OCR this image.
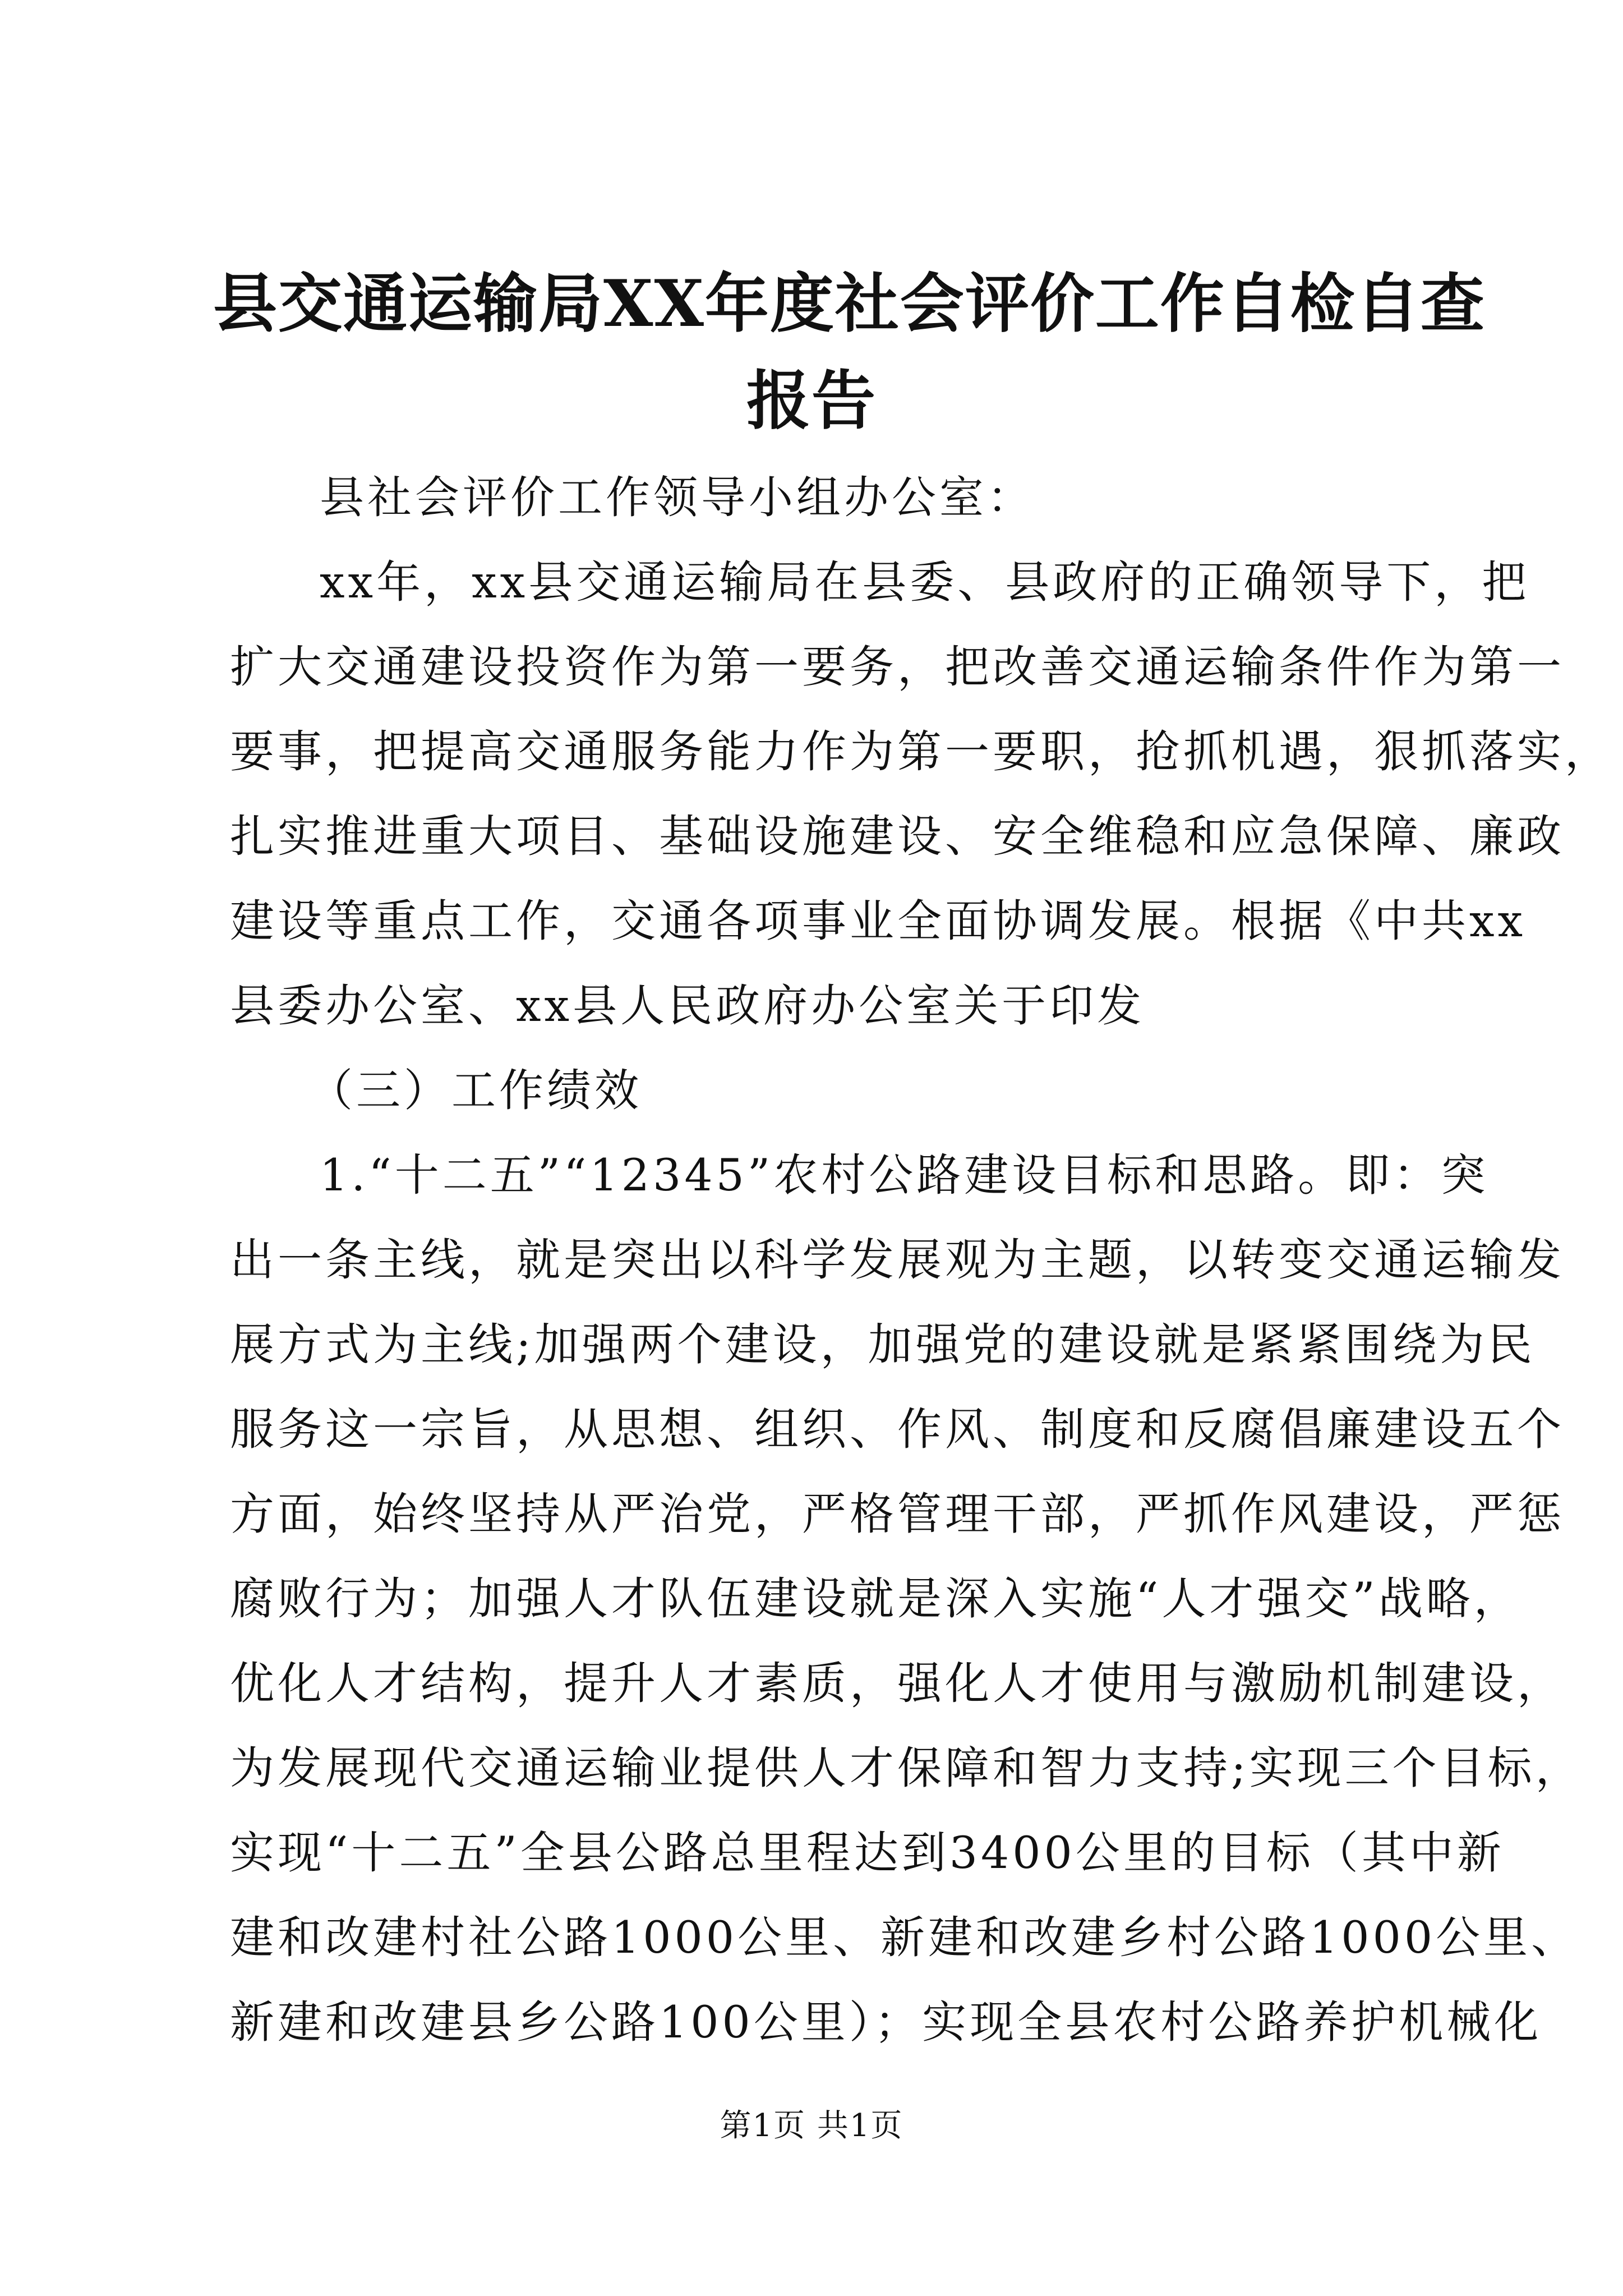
县交通运输局XX年度社会评价工作自检自查
报告
县社会评价工作领导小组办公室：
xx年，xx县交通运输局在县委、县政府的正确领导下，把
扩大交通建设投资作为第一要务，把改善交通运输条件作为第一
要事，把提高交通服务能力作为第一要职，抢抓机遇，狠抓落实，
扎实推进重大项目、基础设施建设、安全维稳和应急保障、廉政
建设等重点工作，交通各项事业全面协调发展。根据《中共xx
县委办公室、xx县人民政府办公室关于印发
（三）工作绩效
1.“十二五”“12345”农村公路建设目标和思路。即：突
出一条主线，就是突出以科学发展观为主题，以转变交通运输发
展方式为主线;加强两个建设，加强党的建设就是紧紧围绕为民
服务这一宗旨，从思想、组织、作风、制度和反腐倡廉建设五个
方面，始终坚持从严治党，严格管理干部，严抓作风建设，严惩
腐败行为；加强人才队伍建设就是深入实施“人才强交”战略，
优化人才结构，提升人才素质，强化人才使用与激励机制建设，
为发展现代交通运输业提供人才保障和智力支持;实现三个目标，
实现“十二五”全县公路总里程达到3400公里的目标（其中新
建和改建村社公路1000公里、新建和改建乡村公路1000公里、
新建和改建县乡公路100公里）；实现全县农村公路养护机械化
第1页 共1页
